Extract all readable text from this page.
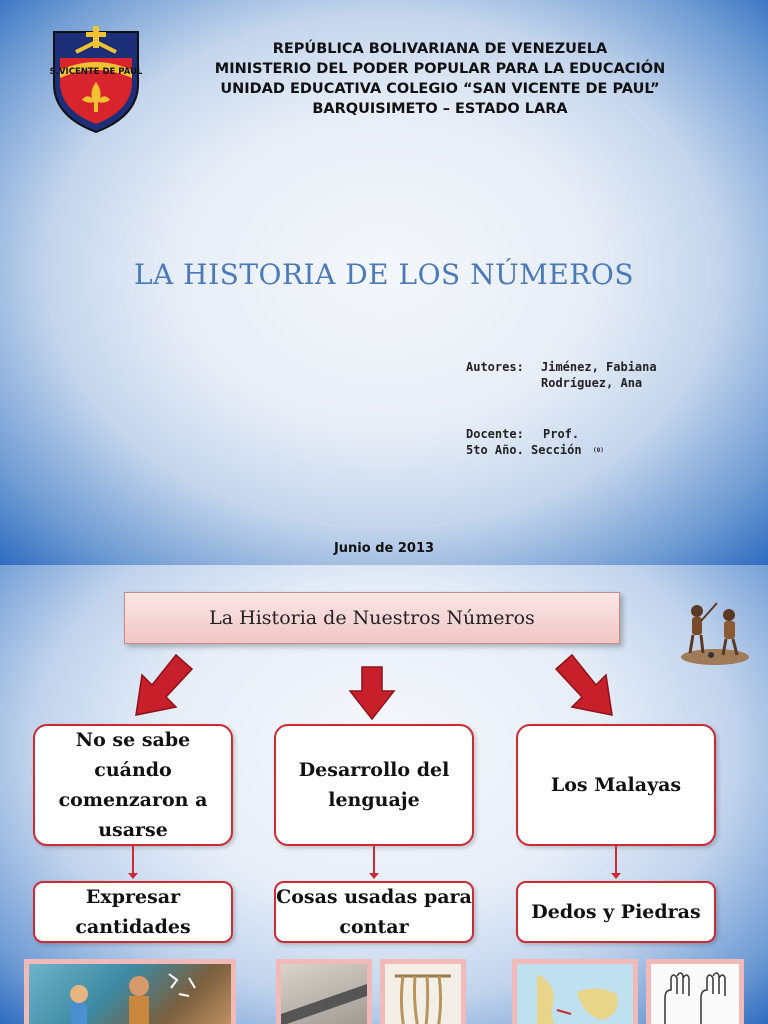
S.VICENTE DE PAUL
REPÚBLICA BOLIVARIANA DE VENEZUELA
MINISTERIO DEL PODER POPULAR PARA LA EDUCACIÓN
UNIDAD EDUCATIVA COLEGIO “SAN VICENTE DE PAUL”
BARQUISIMETO – ESTADO LARA
LA HISTORIA DE LOS NÚMEROS
Autores: Jiménez, Fabiana
Rodríguez, Ana
Docente: Prof.
5to Año. Sección (0)
Junio de 2013
La Historia de Nuestros Números
No se sabe cuándo comenzaron a usarse
Desarrollo del lenguaje
Los Malayas
Expresar cantidades
Cosas usadas para contar
Dedos y Piedras
